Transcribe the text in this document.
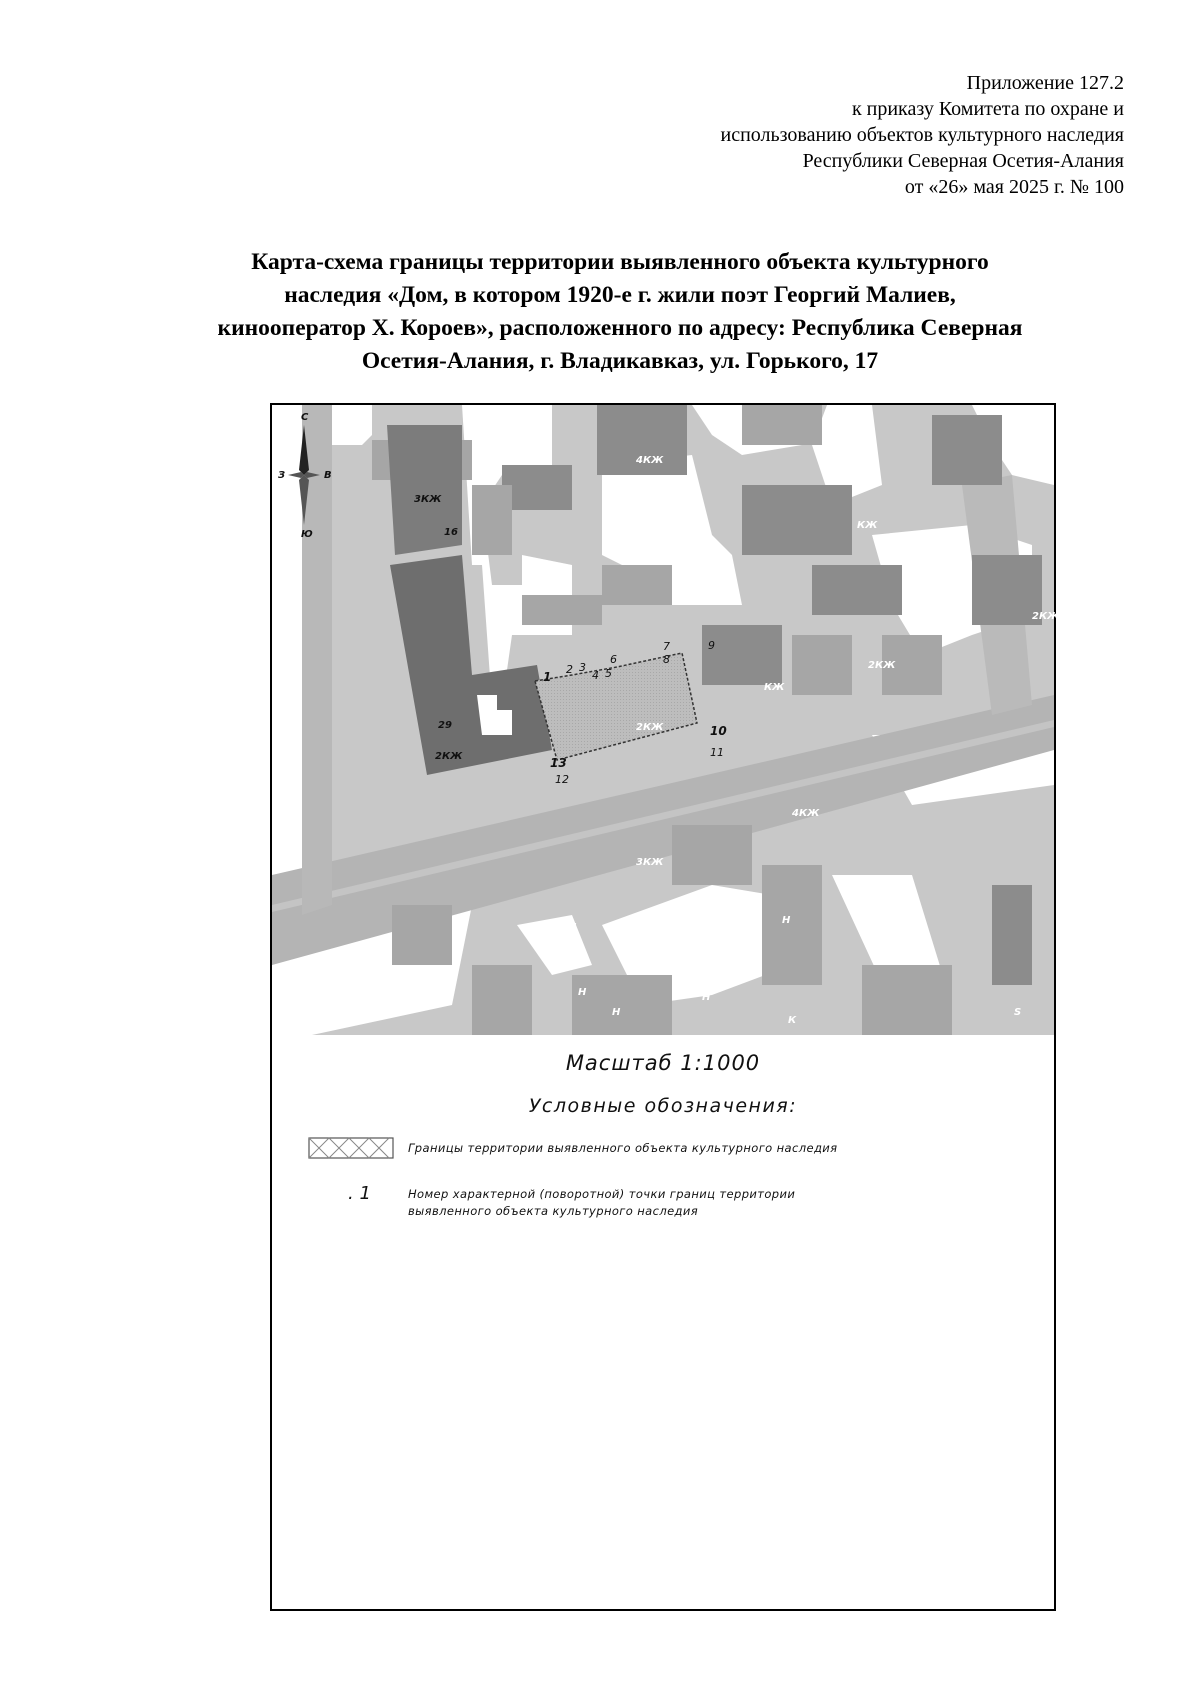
Приложение 127.2
к приказу Комитета по охране и
использованию объектов культурного наследия
Республики Северная Осетия-Алания
от «26» мая 2025 г. № 100
Карта-схема границы территории выявленного объекта культурного
наследия «Дом, в котором 1920-е г. жили поэт Георгий Малиев,
кинооператор Х. Короев», расположенного по адресу: Республика Северная
Осетия-Алания, г. Владикавказ, ул. Горького, 17
С
Ю
З	В
3КЖ
16
4КЖ
КЖ
КЖ
2КЖ
2КЖ
КЖ
2КЖ
29
2КЖ
4КЖ
3КЖ
Н
Н
Н
Н	Н
Н
К
S
1
2 3
4 5
6
7
8
9
10
11
12
13
Масштаб 1:1000
Условные обозначения:
Границы территории выявленного объекта культурного наследия
. 1	Номер характерной (поворотной) точки границ территории
выявленного объекта культурного наследия
